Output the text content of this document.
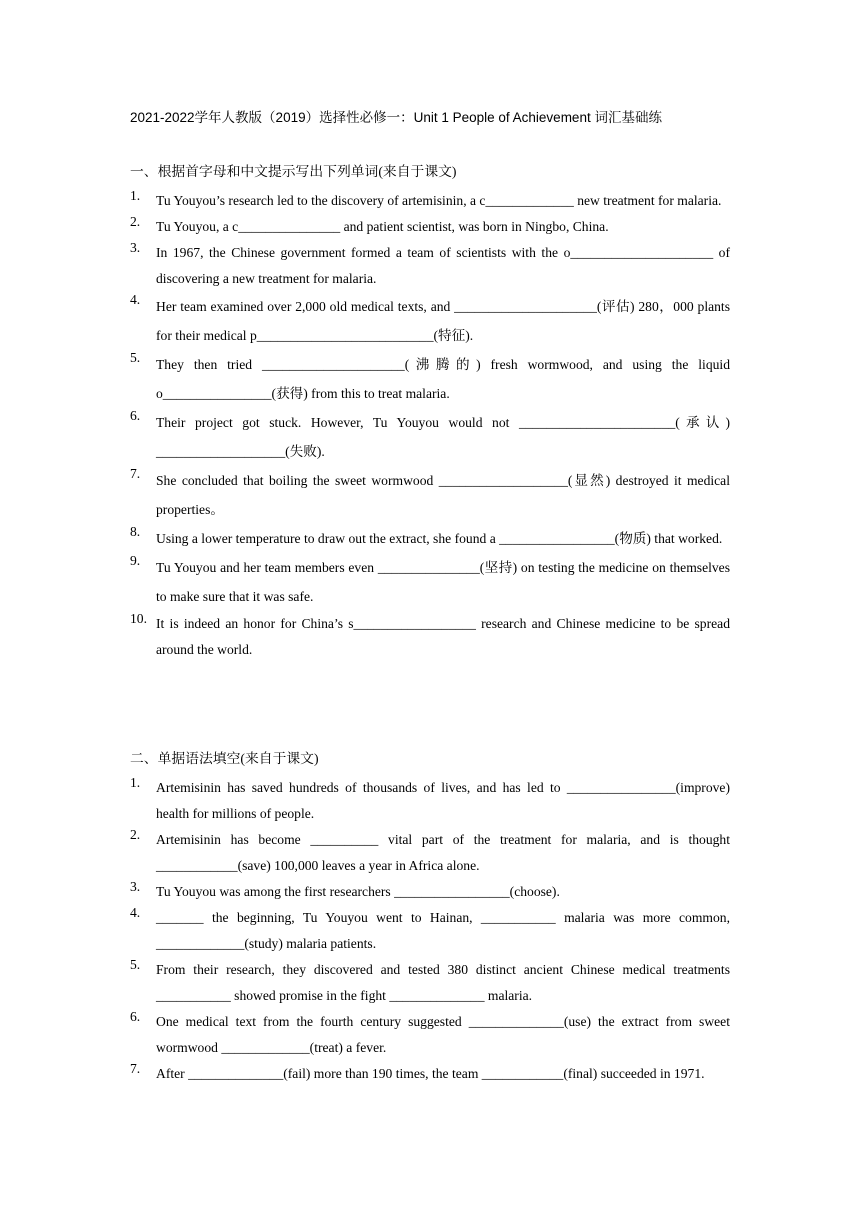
2021-2022学年人教版（2019）选择性必修一：Unit 1 People of Achievement 词汇基础练
一、根据首字母和中文提示写出下列单词(来自于课文)
1. Tu Youyou’s research led to the discovery of artemisinin, a c_____________ new treatment for malaria.
2. Tu Youyou, a c_______________ and patient scientist, was born in Ningbo, China.
3. In 1967, the Chinese government formed a team of scientists with the o_____________________ of discovering a new treatment for malaria.
4. Her team examined over 2,000 old medical texts, and _____________________(评估) 280，000 plants for their medical p__________________________(特征).
5. They then tried _____________________(沸腾的) fresh wormwood, and using the liquid o________________(获得) from this to treat malaria.
6. Their project got stuck. However, Tu Youyou would not _______________________(承认) ___________________(失败).
7. She concluded that boiling the sweet wormwood ___________________(显然) destroyed it medical properties。
8. Using a lower temperature to draw out the extract, she found a _________________(物质) that worked.
9. Tu Youyou and her team members even _______________(坚持) on testing the medicine on themselves to make sure that it was safe.
10. It is indeed an honor for China’s s__________________ research and Chinese medicine to be spread around the world.
二、单据语法填空(来自于课文)
1. Artemisinin has saved hundreds of thousands of lives, and has led to ________________(improve) health for millions of people.
2. Artemisinin has become __________ vital part of the treatment for malaria, and is thought ____________(save) 100,000 leaves a year in Africa alone.
3. Tu Youyou was among the first researchers _________________(choose).
4. _______ the beginning, Tu Youyou went to Hainan, ___________ malaria was more common, _____________(study) malaria patients.
5. From their research, they discovered and tested 380 distinct ancient Chinese medical treatments ___________ showed promise in the fight ______________ malaria.
6. One medical text from the fourth century suggested ______________(use) the extract from sweet wormwood _____________(treat) a fever.
7. After ______________(fail) more than 190 times, the team ____________(final) succeeded in 1971.
